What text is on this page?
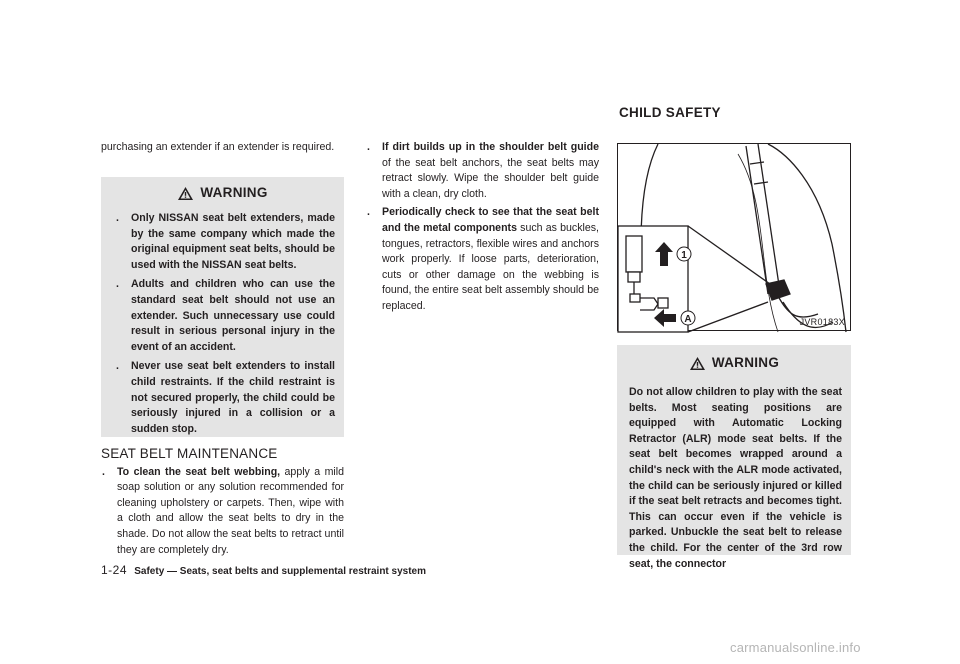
purchasing an extender if an extender is required.

WARNING
. Only NISSAN seat belt extenders, made by the same company which made the original equipment seat belts, should be used with the NISSAN seat belts.
. Adults and children who can use the standard seat belt should not use an extender. Such unnecessary use could result in serious personal injury in the event of an accident.
. Never use seat belt extenders to install child restraints. If the child restraint is not secured properly, the child could be seriously injured in a collision or a sudden stop.
SEAT BELT MAINTENANCE
. To clean the seat belt webbing, apply a mild soap solution or any solution recommended for cleaning upholstery or carpets. Then, wipe with a cloth and allow the seat belts to dry in the shade. Do not allow the seat belts to retract until they are completely dry.
. If dirt builds up in the shoulder belt guide of the seat belt anchors, the seat belts may retract slowly. Wipe the shoulder belt guide with a clean, dry cloth.
. Periodically check to see that the seat belt and the metal components such as buckles, tongues, retractors, flexible wires and anchors work properly. If loose parts, deterioration, cuts or other damage on the webbing is found, the entire seat belt assembly should be replaced.
CHILD SAFETY
1
A	JVR0183X
WARNING

Do not allow children to play with the seat belts. Most seating positions are equipped with Automatic Locking Retractor (ALR) mode seat belts. If the seat belt becomes wrapped around a child's neck with the ALR mode activated, the child can be seriously injured or killed if the seat belt retracts and becomes tight. This can occur even if the vehicle is parked. Unbuckle the seat belt to release the child. For the center of the 3rd row seat, the connector

1-24 Safety — Seats, seat belts and supplemental restraint system
carmanualsonline.info
